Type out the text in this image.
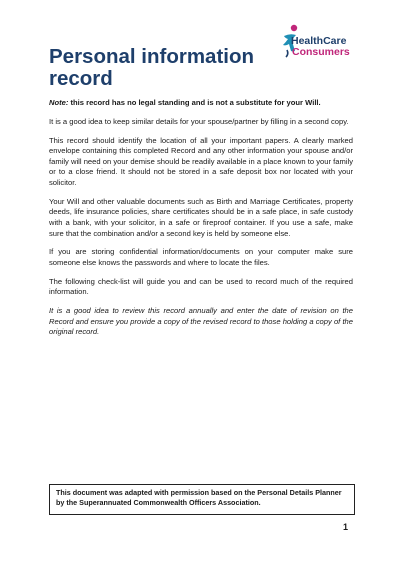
Personal information
record
HealthCare
Consumers

Note: this record has no legal standing and is not a substitute for your Will.

It is a good idea to keep similar details for your spouse/partner by filling in a second copy.

This record should identify the location of all your important papers. A clearly marked envelope containing this completed Record and any other information your spouse and/or family will need on your demise should be readily available in a place known to your family or to a close friend. It should not be stored in a safe deposit box nor located with your solicitor.

Your Will and other valuable documents such as Birth and Marriage Certificates, property deeds, life insurance policies, share certificates should be in a safe place, in safe custody with a bank, with your solicitor, in a safe or fireproof container. If you use a safe, make sure that the combination and/or a second key is held by someone else.

If you are storing confidential information/documents on your computer make sure someone else knows the passwords and where to locate the files.

The following check-list will guide you and can be used to record much of the required information.

It is a good idea to review this record annually and enter the date of revision on the Record and ensure you provide a copy of the revised record to those holding a copy of the original record.

This document was adapted with permission based on the Personal Details Planner by the Superannuated Commonwealth Officers Association.
1
